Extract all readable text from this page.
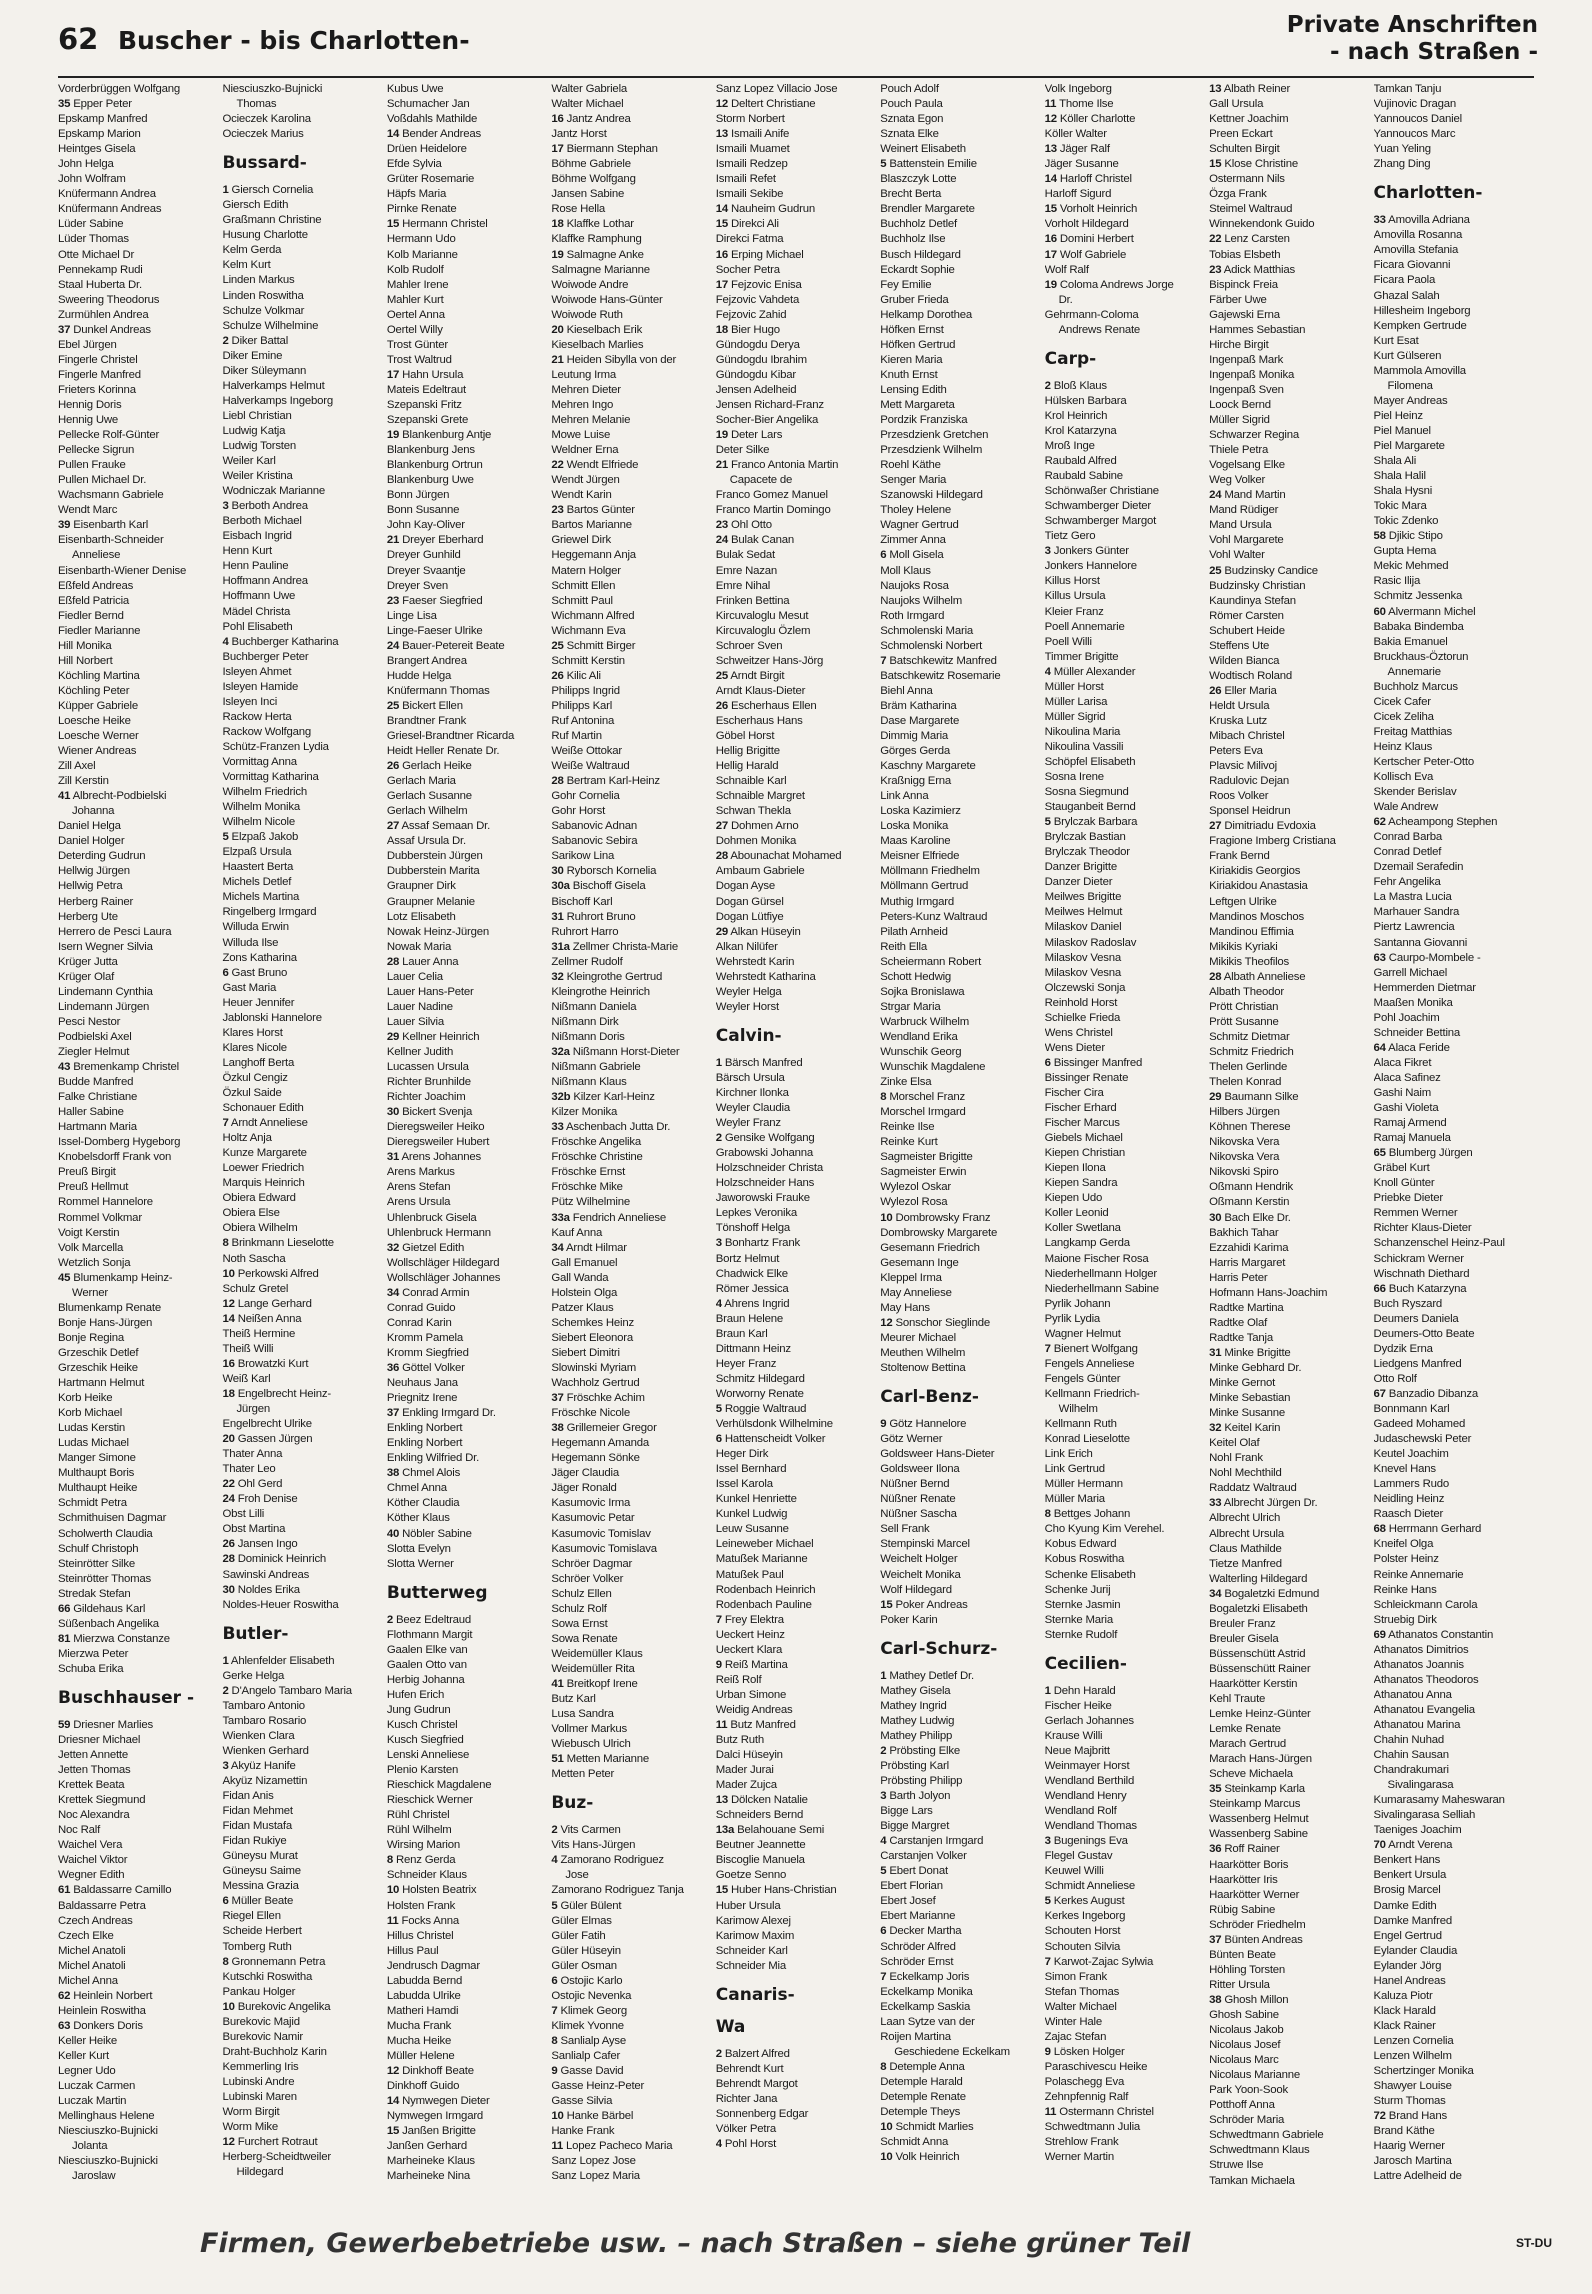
62 Buscher - bis Charlotten-
Private Anschriften
- nach Straßen -
Vorderbrüggen Wolfgang
35 Epper Peter
Epskamp Manfred
Epskamp Marion
Heintges Gisela
John Helga
John Wolfram
Knüfermann Andrea
Knüfermann Andreas
Lüder Sabine
Lüder Thomas
Otte Michael Dr
Pennekamp Rudi
Staal Huberta Dr.
Sweering Theodorus
Zurmühlen Andrea
37 Dunkel Andreas
Ebel Jürgen
Fingerle Christel
Fingerle Manfred
Frieters Korinna
Hennig Doris
Hennig Uwe
Pellecke Rolf-Günter
Pellecke Sigrun
Pullen Frauke
Pullen Michael Dr.
Wachsmann Gabriele
Wendt Marc
39 Eisenbarth Karl
Eisenbarth-Schneider
Anneliese
Eisenbarth-Wiener Denise
Eßfeld Andreas
Eßfeld Patricia
Fiedler Bernd
Fiedler Marianne
Hill Monika
Hill Norbert
Köchling Martina
Köchling Peter
Küpper Gabriele
Loesche Heike
Loesche Werner
Wiener Andreas
Zill Axel
Zill Kerstin
41 Albrecht-Podbielski
Johanna
Daniel Helga
Daniel Holger
Deterding Gudrun
Hellwig Jürgen
Hellwig Petra
Herberg Rainer
Herberg Ute
Herrero de Pesci Laura
Isern Wegner Silvia
Krüger Jutta
Krüger Olaf
Lindemann Cynthia
Lindemann Jürgen
Pesci Nestor
Podbielski Axel
Ziegler Helmut
43 Bremenkamp Christel
Budde Manfred
Falke Christiane
Haller Sabine
Hartmann Maria
Issel-Domberg Hygeborg
Knobelsdorff Frank von
Preuß Birgit
Preuß Hellmut
Rommel Hannelore
Rommel Volkmar
Voigt Kerstin
Volk Marcella
Wetzlich Sonja
45 Blumenkamp Heinz-
Werner
Blumenkamp Renate
Bonje Hans-Jürgen
Bonje Regina
Grzeschik Detlef
Grzeschik Heike
Hartmann Helmut
Korb Heike
Korb Michael
Ludas Kerstin
Ludas Michael
Manger Simone
Multhaupt Boris
Multhaupt Heike
Schmidt Petra
Schmithuisen Dagmar
Scholwerth Claudia
Schulf Christoph
Steinrötter Silke
Steinrötter Thomas
Stredak Stefan
66 Gildehaus Karl
Süßenbach Angelika
81 Mierzwa Constanze
Mierzwa Peter
Schuba Erika
Buschhauser -
59 Driesner Marlies
Driesner Michael
Jetten Annette
Jetten Thomas
Krettek Beata
Krettek Siegmund
Noc Alexandra
Noc Ralf
Waichel Vera
Waichel Viktor
Wegner Edith
61 Baldassarre Camillo
Baldassarre Petra
Czech Andreas
Czech Elke
Michel Anatoli
Michel Anatoli
Michel Anna
62 Heinlein Norbert
Heinlein Roswitha
63 Donkers Doris
Keller Heike
Keller Kurt
Legner Udo
Luczak Carmen
Luczak Martin
Mellinghaus Helene
Niesciuszko-Bujnicki
Jolanta
Niesciuszko-Bujnicki
Jaroslaw
Niesciuszko-Bujnicki
Thomas
Ocieczek Karolina
Ocieczek Marius
Bussard-
1 Giersch Cornelia
Giersch Edith
Graßmann Christine
Husung Charlotte
Kelm Gerda
Kelm Kurt
Linden Markus
Linden Roswitha
Schulze Volkmar
Schulze Wilhelmine
2 Diker Battal
Diker Emine
Diker Süleymann
Halverkamps Helmut
Halverkamps Ingeborg
Liebl Christian
Ludwig Katja
Ludwig Torsten
Weiler Karl
Weiler Kristina
Wodniczak Marianne
3 Berboth Andrea
Berboth Michael
Eisbach Ingrid
Henn Kurt
Henn Pauline
Hoffmann Andrea
Hoffmann Uwe
Mädel Christa
Pohl Elisabeth
4 Buchberger Katharina
Buchberger Peter
Isleyen Ahmet
Isleyen Hamide
Isleyen Inci
Rackow Herta
Rackow Wolfgang
Schütz-Franzen Lydia
Vormittag Anna
Vormittag Katharina
Wilhelm Friedrich
Wilhelm Monika
Wilhelm Nicole
5 Elzpaß Jakob
Elzpaß Ursula
Haastert Berta
Michels Detlef
Michels Martina
Ringelberg Irmgard
Willuda Erwin
Willuda Ilse
Zons Katharina
6 Gast Bruno
Gast Maria
Heuer Jennifer
Jablonski Hannelore
Klares Horst
Klares Nicole
Langhoff Berta
Özkul Cengiz
Özkul Saide
Schonauer Edith
7 Arndt Anneliese
Holtz Anja
Kunze Margarete
Loewer Friedrich
Marquis Heinrich
Obiera Edward
Obiera Else
Obiera Wilhelm
8 Brinkmann Lieselotte
Noth Sascha
10 Perkowski Alfred
Schulz Gretel
12 Lange Gerhard
14 Neißen Anna
Theiß Hermine
Theiß Willi
16 Browatzki Kurt
Weiß Karl
18 Engelbrecht Heinz-
Jürgen
Engelbrecht Ulrike
20 Gassen Jürgen
Thater Anna
Thater Leo
22 Ohl Gerd
24 Froh Denise
Obst Lilli
Obst Martina
26 Jansen Ingo
28 Dominick Heinrich
Sawinski Andreas
30 Noldes Erika
Noldes-Heuer Roswitha
Butler-
1 Ahlenfelder Elisabeth
Gerke Helga
2 D'Angelo Tambaro Maria
Tambaro Antonio
Tambaro Rosario
Wienken Clara
Wienken Gerhard
3 Akyüz Hanife
Akyüz Nizamettin
Fidan Anis
Fidan Mehmet
Fidan Mustafa
Fidan Rukiye
Güneysu Murat
Güneysu Saime
Messina Grazia
6 Müller Beate
Riegel Ellen
Scheide Herbert
Tomberg Ruth
8 Gronnemann Petra
Kutschki Roswitha
Pankau Holger
10 Burekovic Angelika
Burekovic Majid
Burekovic Namir
Draht-Buchholz Karin
Kemmerling Iris
Lubinski Andre
Lubinski Maren
Worm Birgit
Worm Mike
12 Furchert Rotraut
Herberg-Scheidtweiler
Hildegard
Kubus Uwe
Schumacher Jan
Voßdahls Mathilde
14 Bender Andreas
Drüen Heidelore
Efde Sylvia
Grüter Rosemarie
Häpfs Maria
Pirnke Renate
15 Hermann Christel
Hermann Udo
Kolb Marianne
Kolb Rudolf
Mahler Irene
Mahler Kurt
Oertel Anna
Oertel Willy
Trost Günter
Trost Waltrud
17 Hahn Ursula
Mateis Edeltraut
Szepanski Fritz
Szepanski Grete
19 Blankenburg Antje
Blankenburg Jens
Blankenburg Ortrun
Blankenburg Uwe
Bonn Jürgen
Bonn Susanne
John Kay-Oliver
21 Dreyer Eberhard
Dreyer Gunhild
Dreyer Svaantje
Dreyer Sven
23 Faeser Siegfried
Linge Lisa
Linge-Faeser Ulrike
24 Bauer-Petereit Beate
Brangert Andrea
Hudde Helga
Knüfermann Thomas
25 Bickert Ellen
Brandtner Frank
Griesel-Brandtner Ricarda
Heidt Heller Renate Dr.
26 Gerlach Heike
Gerlach Maria
Gerlach Susanne
Gerlach Wilhelm
27 Assaf Semaan Dr.
Assaf Ursula Dr.
Dubberstein Jürgen
Dubberstein Marita
Graupner Dirk
Graupner Melanie
Lotz Elisabeth
Nowak Heinz-Jürgen
Nowak Maria
28 Lauer Anna
Lauer Celia
Lauer Hans-Peter
Lauer Nadine
Lauer Silvia
29 Kellner Heinrich
Kellner Judith
Lucassen Ursula
Richter Brunhilde
Richter Joachim
30 Bickert Svenja
Dieregsweiler Heiko
Dieregsweiler Hubert
31 Arens Johannes
Arens Markus
Arens Stefan
Arens Ursula
Uhlenbruck Gisela
Uhlenbruck Hermann
32 Gietzel Edith
Wollschläger Hildegard
Wollschläger Johannes
34 Conrad Armin
Conrad Guido
Conrad Karin
Kromm Pamela
Kromm Siegfried
36 Göttel Volker
Neuhaus Jana
Priegnitz Irene
37 Enkling Irmgard Dr.
Enkling Norbert
Enkling Norbert
Enkling Wilfried Dr.
38 Chmel Alois
Chmel Anna
Köther Claudia
Köther Klaus
40 Nöbler Sabine
Slotta Evelyn
Slotta Werner
Butterweg
2 Beez Edeltraud
Flothmann Margit
Gaalen Elke van
Gaalen Otto van
Herbig Johanna
Hufen Erich
Jung Gudrun
Kusch Christel
Kusch Siegfried
Lenski Anneliese
Plenio Karsten
Rieschick Magdalene
Rieschick Werner
Rühl Christel
Rühl Wilhelm
Wirsing Marion
8 Renz Gerda
Schneider Klaus
10 Holsten Beatrix
Holsten Frank
11 Focks Anna
Hillus Christel
Hillus Paul
Jendrusch Dagmar
Labudda Bernd
Labudda Ulrike
Matheri Hamdi
Mucha Frank
Mucha Heike
Müller Helene
12 Dinkhoff Beate
Dinkhoff Guido
14 Nymwegen Dieter
Nymwegen Irmgard
15 Janßen Brigitte
Janßen Gerhard
Marheineke Klaus
Marheineke Nina
Walter Gabriela
Walter Michael
16 Jantz Andrea
Jantz Horst
17 Biermann Stephan
Böhme Gabriele
Böhme Wolfgang
Jansen Sabine
Rose Hella
18 Klaffke Lothar
Klaffke Ramphung
19 Salmagne Anke
Salmagne Marianne
Woiwode Andre
Woiwode Hans-Günter
Woiwode Ruth
20 Kieselbach Erik
Kieselbach Marlies
21 Heiden Sibylla von der
Leutung Irma
Mehren Dieter
Mehren Ingo
Mehren Melanie
Mowe Luise
Weldner Erna
22 Wendt Elfriede
Wendt Jürgen
Wendt Karin
23 Bartos Günter
Bartos Marianne
Griewel Dirk
Heggemann Anja
Matern Holger
Schmitt Ellen
Schmitt Paul
Wichmann Alfred
Wichmann Eva
25 Schmitt Birger
Schmitt Kerstin
26 Kilic Ali
Philipps Ingrid
Philipps Karl
Ruf Antonina
Ruf Martin
Weiße Ottokar
Weiße Waltraud
28 Bertram Karl-Heinz
Gohr Cornelia
Gohr Horst
Sabanovic Adnan
Sabanovic Sebira
Sarikow Lina
30 Ryborsch Kornelia
30a Bischoff Gisela
Bischoff Karl
31 Ruhrort Bruno
Ruhrort Harro
31a Zellmer Christa-Marie
Zellmer Rudolf
32 Kleingrothe Gertrud
Kleingrothe Heinrich
Nißmann Daniela
Nißmann Dirk
Nißmann Doris
32a Nißmann Horst-Dieter
Nißmann Gabriele
Nißmann Klaus
32b Kilzer Karl-Heinz
Kilzer Monika
33 Aschenbach Jutta Dr.
Fröschke Angelika
Fröschke Christine
Fröschke Ernst
Fröschke Mike
Pütz Wilhelmine
33a Fendrich Anneliese
Kauf Anna
34 Arndt Hilmar
Gall Emanuel
Gall Wanda
Holstein Olga
Patzer Klaus
Schemkes Heinz
Siebert Eleonora
Siebert Dimitri
Slowinski Myriam
Wachholz Gertrud
37 Fröschke Achim
Fröschke Nicole
38 Grillemeier Gregor
Hegemann Amanda
Hegemann Sönke
Jäger Claudia
Jäger Ronald
Kasumovic Irma
Kasumovic Petar
Kasumovic Tomislav
Kasumovic Tomislava
Schröer Dagmar
Schröer Volker
Schulz Ellen
Schulz Rolf
Sowa Ernst
Sowa Renate
Weidemüller Klaus
Weidemüller Rita
41 Breitkopf Irene
Butz Karl
Lusa Sandra
Vollmer Markus
Wiebusch Ulrich
51 Metten Marianne
Metten Peter
Buz-
2 Vits Carmen
Vits Hans-Jürgen
4 Zamorano Rodriguez
Jose
Zamorano Rodriguez Tanja
5 Güler Bülent
Güler Elmas
Güler Fatih
Güler Hüseyin
Güler Osman
6 Ostojic Karlo
Ostojic Nevenka
7 Klimek Georg
Klimek Yvonne
8 Sanlialp Ayse
Sanlialp Cafer
9 Gasse David
Gasse Heinz-Peter
Gasse Silvia
10 Hanke Bärbel
Hanke Frank
11 Lopez Pacheco Maria
Sanz Lopez Jose
Sanz Lopez Maria
Sanz Lopez Villacio Jose
12 Deltert Christiane
Storm Norbert
13 Ismaili Anife
Ismaili Muamet
Ismaili Redzep
Ismaili Refet
Ismaili Sekibe
14 Nauheim Gudrun
15 Direkci Ali
Direkci Fatma
16 Erping Michael
Socher Petra
17 Fejzovic Enisa
Fejzovic Vahdeta
Fejzovic Zahid
18 Bier Hugo
Gündogdu Derya
Gündogdu Ibrahim
Gündogdu Kibar
Jensen Adelheid
Jensen Richard-Franz
Socher-Bier Angelika
19 Deter Lars
Deter Silke
21 Franco Antonia Martin
Capacete de
Franco Gomez Manuel
Franco Martin Domingo
23 Ohl Otto
24 Bulak Canan
Bulak Sedat
Emre Nazan
Emre Nihal
Frinken Bettina
Kircuvaloglu Mesut
Kircuvaloglu Özlem
Schroer Sven
Schweitzer Hans-Jörg
25 Arndt Birgit
Arndt Klaus-Dieter
26 Escherhaus Ellen
Escherhaus Hans
Göbel Horst
Hellig Brigitte
Hellig Harald
Schnaible Karl
Schnaible Margret
Schwan Thekla
27 Dohmen Arno
Dohmen Monika
28 Abounachat Mohamed
Ambaum Gabriele
Dogan Ayse
Dogan Gürsel
Dogan Lütfiye
29 Alkan Hüseyin
Alkan Nilüfer
Wehrstedt Karin
Wehrstedt Katharina
Weyler Helga
Weyler Horst
Calvin-
1 Bärsch Manfred
Bärsch Ursula
Kirchner Ilonka
Weyler Claudia
Weyler Franz
2 Gensike Wolfgang
Grabowski Johanna
Holzschneider Christa
Holzschneider Hans
Jaworowski Frauke
Lepkes Veronika
Tönshoff Helga
3 Bonhartz Frank
Bortz Helmut
Chadwick Elke
Römer Jessica
4 Ahrens Ingrid
Braun Helene
Braun Karl
Dittmann Heinz
Heyer Franz
Schmitz Hildegard
Worworny Renate
5 Roggie Waltraud
Verhülsdonk Wilhelmine
6 Hattenscheidt Volker
Heger Dirk
Issel Bernhard
Issel Karola
Kunkel Henriette
Kunkel Ludwig
Leuw Susanne
Leineweber Michael
Matußek Marianne
Matußek Paul
Rodenbach Heinrich
Rodenbach Pauline
7 Frey Elektra
Ueckert Heinz
Ueckert Klara
9 Reiß Martina
Reiß Rolf
Urban Simone
Weidig Andreas
11 Butz Manfred
Butz Ruth
Dalci Hüseyin
Mader Jurai
Mader Zujca
13 Dölcken Natalie
Schneiders Bernd
13a Belahouane Semi
Beutner Jeannette
Biscoglie Manuela
Goetze Senno
15 Huber Hans-Christian
Huber Ursula
Karimow Alexej
Karimow Maxim
Schneider Karl
Schneider Mia
Canaris-
Wa
2 Balzert Alfred
Behrendt Kurt
Behrendt Margot
Richter Jana
Sonnenberg Edgar
Völker Petra
4 Pohl Horst
Pouch Adolf
Pouch Paula
Sznata Egon
Sznata Elke
Weinert Elisabeth
5 Battenstein Emilie
Blaszczyk Lotte
Brecht Berta
Brendler Margarete
Buchholz Detlef
Buchholz Ilse
Busch Hildegard
Eckardt Sophie
Fey Emilie
Gruber Frieda
Helkamp Dorothea
Höfken Ernst
Höfken Gertrud
Kieren Maria
Knuth Ernst
Lensing Edith
Mett Margareta
Pordzik Franziska
Przesdzienk Gretchen
Przesdzienk Wilhelm
Roehl Käthe
Senger Maria
Szanowski Hildegard
Tholey Helene
Wagner Gertrud
Zimmer Anna
6 Moll Gisela
Moll Klaus
Naujoks Rosa
Naujoks Wilhelm
Roth Irmgard
Schmolenski Maria
Schmolenski Norbert
7 Batschkewitz Manfred
Batschkewitz Rosemarie
Biehl Anna
Bräm Katharina
Dase Margarete
Dimmig Maria
Görges Gerda
Kaschny Margarete
Kraßnigg Erna
Link Anna
Loska Kazimierz
Loska Monika
Maas Karoline
Meisner Elfriede
Möllmann Friedhelm
Möllmann Gertrud
Muthig Irmgard
Peters-Kunz Waltraud
Pilath Arnheid
Reith Ella
Scheiermann Robert
Schott Hedwig
Sojka Bronislawa
Strgar Maria
Warbruck Wilhelm
Wendland Erika
Wunschik Georg
Wunschik Magdalene
Zinke Elsa
8 Morschel Franz
Morschel Irmgard
Reinke Ilse
Reinke Kurt
Sagmeister Brigitte
Sagmeister Erwin
Wylezol Oskar
Wylezol Rosa
10 Dombrowsky Franz
Dombrowsky Margarete
Gesemann Friedrich
Gesemann Inge
Kleppel Irma
May Anneliese
May Hans
12 Sonschor Sieglinde
Meurer Michael
Meuthen Wilhelm
Stoltenow Bettina
Carl-Benz-
9 Götz Hannelore
Götz Werner
Goldsweer Hans-Dieter
Goldsweer Ilona
Nüßner Bernd
Nüßner Renate
Nüßner Sascha
Sell Frank
Stempinski Marcel
Weichelt Holger
Weichelt Monika
Wolf Hildegard
15 Poker Andreas
Poker Karin
Carl-Schurz-
1 Mathey Detlef Dr.
Mathey Gisela
Mathey Ingrid
Mathey Ludwig
Mathey Philipp
2 Pröbsting Elke
Pröbsting Karl
Pröbsting Philipp
3 Barth Jolyon
Bigge Lars
Bigge Margret
4 Carstanjen Irmgard
Carstanjen Volker
5 Ebert Donat
Ebert Florian
Ebert Josef
Ebert Marianne
6 Decker Martha
Schröder Alfred
Schröder Ernst
7 Eckelkamp Joris
Eckelkamp Monika
Eckelkamp Saskia
Laan Sytze van der
Roijen Martina
Geschiedene Eckelkam
8 Detemple Anna
Detemple Harald
Detemple Renate
Detemple Theys
10 Schmidt Marlies
Schmidt Anna
10 Volk Heinrich
Volk Ingeborg
11 Thome Ilse
12 Köller Charlotte
Köller Walter
13 Jäger Ralf
Jäger Susanne
14 Harloff Christel
Harloff Sigurd
15 Vorholt Heinrich
Vorholt Hildegard
16 Domini Herbert
17 Wolf Gabriele
Wolf Ralf
19 Coloma Andrews Jorge
Dr.
Gehrmann-Coloma
Andrews Renate
Carp-
2 Bloß Klaus
Hülsken Barbara
Krol Heinrich
Krol Katarzyna
Mroß Inge
Raubald Alfred
Raubald Sabine
Schönwaßer Christiane
Schwamberger Dieter
Schwamberger Margot
Tietz Gero
3 Jonkers Günter
Jonkers Hannelore
Killus Horst
Killus Ursula
Kleier Franz
Poell Annemarie
Poell Willi
Timmer Brigitte
4 Müller Alexander
Müller Horst
Müller Larisa
Müller Sigrid
Nikoulina Maria
Nikoulina Vassili
Schöpfel Elisabeth
Sosna Irene
Sosna Siegmund
Stauganbeit Bernd
5 Brylczak Barbara
Brylczak Bastian
Brylczak Theodor
Danzer Brigitte
Danzer Dieter
Meilwes Brigitte
Meilwes Helmut
Milaskov Daniel
Milaskov Radoslav
Milaskov Vesna
Milaskov Vesna
Olczewski Sonja
Reinhold Horst
Schielke Frieda
Wens Christel
Wens Dieter
6 Bissinger Manfred
Bissinger Renate
Fischer Cira
Fischer Erhard
Fischer Marcus
Giebels Michael
Kiepen Christian
Kiepen Ilona
Kiepen Sandra
Kiepen Udo
Koller Leonid
Koller Swetlana
Langkamp Gerda
Maione Fischer Rosa
Niederhellmann Holger
Niederhellmann Sabine
Pyrlik Johann
Pyrlik Lydia
Wagner Helmut
7 Bienert Wolfgang
Fengels Anneliese
Fengels Günter
Kellmann Friedrich-
Wilhelm
Kellmann Ruth
Konrad Lieselotte
Link Erich
Link Gertrud
Müller Hermann
Müller Maria
8 Bettges Johann
Cho Kyung Kim Verehel.
Kobus Edward
Kobus Roswitha
Schenke Elisabeth
Schenke Jurij
Sternke Jasmin
Sternke Maria
Sternke Rudolf
Cecilien-
1 Dehn Harald
Fischer Heike
Gerlach Johannes
Krause Willi
Neue Majbritt
Weinmayer Horst
Wendland Berthild
Wendland Henry
Wendland Rolf
Wendland Thomas
3 Bugenings Eva
Flegel Gustav
Keuwel Willi
Schmidt Anneliese
5 Kerkes August
Kerkes Ingeborg
Schouten Horst
Schouten Silvia
7 Karwot-Zajac Sylwia
Simon Frank
Stefan Thomas
Walter Michael
Winter Hale
Zajac Stefan
9 Lösken Holger
Paraschivescu Heike
Polaschegg Eva
Zehnpfennig Ralf
11 Ostermann Christel
Schwedtmann Julia
Strehlow Frank
Werner Martin
13 Albath Reiner
Gall Ursula
Kettner Joachim
Preen Eckart
Schulten Birgit
15 Klose Christine
Ostermann Nils
Özga Frank
Steimel Waltraud
Winnekendonk Guido
22 Lenz Carsten
Tobias Elsbeth
23 Adick Matthias
Bispinck Freia
Färber Uwe
Gajewski Erna
Hammes Sebastian
Hirche Birgit
Ingenpaß Mark
Ingenpaß Monika
Ingenpaß Sven
Loock Bernd
Müller Sigrid
Schwarzer Regina
Thiele Petra
Vogelsang Elke
Weg Volker
24 Mand Martin
Mand Rüdiger
Mand Ursula
Vohl Margarete
Vohl Walter
25 Budzinsky Candice
Budzinsky Christian
Kaundinya Stefan
Römer Carsten
Schubert Heide
Steffens Ute
Wilden Bianca
Wodtisch Roland
26 Eller Maria
Heldt Ursula
Kruska Lutz
Mibach Christel
Peters Eva
Plavsic Milivoj
Radulovic Dejan
Roos Volker
Sponsel Heidrun
27 Dimitriadu Evdoxia
Fragione Imberg Cristiana
Frank Bernd
Kiriakidis Georgios
Kiriakidou Anastasia
Leftgen Ulrike
Mandinos Moschos
Mandinou Effimia
Mikikis Kyriaki
Mikikis Theofilos
28 Albath Anneliese
Albath Theodor
Prött Christian
Prött Susanne
Schmitz Dietmar
Schmitz Friedrich
Thelen Gerlinde
Thelen Konrad
29 Baumann Silke
Hilbers Jürgen
Köhnen Therese
Nikovska Vera
Nikovska Vera
Nikovski Spiro
Oßmann Hendrik
Oßmann Kerstin
30 Bach Elke Dr.
Bakhich Tahar
Ezzahidi Karima
Harris Margaret
Harris Peter
Hofmann Hans-Joachim
Radtke Martina
Radtke Olaf
Radtke Tanja
31 Minke Brigitte
Minke Gebhard Dr.
Minke Gernot
Minke Sebastian
Minke Susanne
32 Keitel Karin
Keitel Olaf
Nohl Frank
Nohl Mechthild
Raddatz Waltraud
33 Albrecht Jürgen Dr.
Albrecht Ulrich
Albrecht Ursula
Claus Mathilde
Tietze Manfred
Walterling Hildegard
34 Bogaletzki Edmund
Bogaletzki Elisabeth
Breuler Franz
Breuler Gisela
Büssenschütt Astrid
Büssenschütt Rainer
Haarkötter Kerstin
Kehl Traute
Lemke Heinz-Günter
Lemke Renate
Marach Gertrud
Marach Hans-Jürgen
Scheve Michaela
35 Steinkamp Karla
Steinkamp Marcus
Wassenberg Helmut
Wassenberg Sabine
36 Roff Rainer
Haarkötter Boris
Haarkötter Iris
Haarkötter Werner
Rübig Sabine
Schröder Friedhelm
37 Bünten Andreas
Bünten Beate
Höhling Torsten
Ritter Ursula
38 Ghosh Millon
Ghosh Sabine
Nicolaus Jakob
Nicolaus Josef
Nicolaus Marc
Nicolaus Marianne
Park Yoon-Sook
Potthoff Anna
Schröder Maria
Schwedtmann Gabriele
Schwedtmann Klaus
Struwe Ilse
Tamkan Michaela
Tamkan Tanju
Vujinovic Dragan
Yannoucos Daniel
Yannoucos Marc
Yuan Yeling
Zhang Ding
Charlotten-
33 Amovilla Adriana
Amovilla Rosanna
Amovilla Stefania
Ficara Giovanni
Ficara Paola
Ghazal Salah
Hillesheim Ingeborg
Kempken Gertrude
Kurt Esat
Kurt Gülseren
Mammola Amovilla
Filomena
Mayer Andreas
Piel Heinz
Piel Manuel
Piel Margarete
Shala Ali
Shala Halil
Shala Hysni
Tokic Mara
Tokic Zdenko
58 Djikic Stipo
Gupta Hema
Mekic Mehmed
Rasic Ilija
Schmitz Jessenka
60 Alvermann Michel
Babaka Bindemba
Bakia Emanuel
Bruckhaus-Öztorun
Annemarie
Buchholz Marcus
Cicek Cafer
Cicek Zeliha
Freitag Matthias
Heinz Klaus
Kertscher Peter-Otto
Kollisch Eva
Skender Berislav
Wale Andrew
62 Acheampong Stephen
Conrad Barba
Conrad Detlef
Dzemail Serafedin
Fehr Angelika
La Mastra Lucia
Marhauer Sandra
Piertz Lawrencia
Santanna Giovanni
63 Caurpo-Mombele -
Garrell Michael
Hemmerden Dietmar
Maaßen Monika
Pohl Joachim
Schneider Bettina
64 Alaca Feride
Alaca Fikret
Alaca Safinez
Gashi Naim
Gashi Violeta
Ramaj Armend
Ramaj Manuela
65 Blumberg Jürgen
Gräbel Kurt
Knoll Günter
Priebke Dieter
Remmen Werner
Richter Klaus-Dieter
Schanzenschel Heinz-Paul
Schickram Werner
Wischnath Diethard
66 Buch Katarzyna
Buch Ryszard
Deumers Daniela
Deumers-Otto Beate
Dydzik Erna
Liedgens Manfred
Otto Rolf
67 Banzadio Dibanza
Bonnmann Karl
Gadeed Mohamed
Judaschewski Peter
Keutel Joachim
Knevel Hans
Lammers Rudo
Neidling Heinz
Raasch Dieter
68 Herrmann Gerhard
Kneifel Olga
Polster Heinz
Reinke Annemarie
Reinke Hans
Schleickmann Carola
Struebig Dirk
69 Athanatos Constantin
Athanatos Dimitrios
Athanatos Joannis
Athanatos Theodoros
Athanatou Anna
Athanatou Evangelia
Athanatou Marina
Chahin Nuhad
Chahin Sausan
Chandrakumari
Sivalingarasa
Kumarasamy Maheswaran
Sivalingarasa Selliah
Taeniges Joachim
70 Arndt Verena
Benkert Hans
Benkert Ursula
Brosig Marcel
Damke Edith
Damke Manfred
Engel Gertrud
Eylander Claudia
Eylander Jörg
Hanel Andreas
Kaluza Piotr
Klack Harald
Klack Rainer
Lenzen Cornelia
Lenzen Wilhelm
Schertzinger Monika
Shawyer Louise
Sturm Thomas
72 Brand Hans
Brand Käthe
Haarig Werner
Jarosch Martina
Lattre Adelheid de
Firmen, Gewerbebetriebe usw. – nach Straßen – siehe grüner Teil	ST-DU
